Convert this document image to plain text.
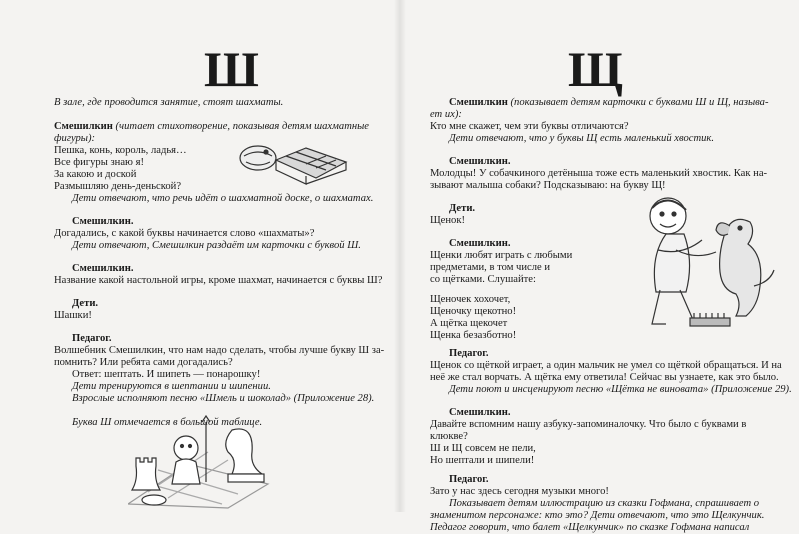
Ш
В зале, где проводится занятие, стоят шахматы.
Смешилкин (читает стихотворение, показывая детям шахматные
фигуры):
Пешка, конь, король, ладья…
Все фигуры знаю я!
За какою и доской
Размышляю день-деньской?
Дети отвечают, что речь идёт о шахматной доске, о шахматах.
Смешилкин.
Догадались, с какой буквы начинается слово «шахматы»?
Дети отвечают, Смешилкин раздаёт им карточки с буквой Ш.
Смешилкин.
Название какой настольной игры, кроме шахмат, начинается с буквы Ш?
Дети.
Шашки!
Педагог.
Волшебник Смешилкин, что нам надо сделать, чтобы лучше букву Ш за-
помнить? Или ребята сами догадались?
Ответ: шептать. И шипеть — понарошку!
Дети тренируются в шептании и шипении.
Взрослые исполняют песню «Шмель и шоколад» (Приложение 28).
Буква Ш отмечается в большой таблице.
Щ
Смешилкин (показывает детям карточки с буквами Ш и Щ, называ-
ет их):
Кто мне скажет, чем эти буквы отличаются?
Дети отвечают, что у буквы Щ есть маленький хвостик.
Смешилкин.
Молодцы! У собачкиного детёныша тоже есть маленький хвостик. Как на-
зывают малыша собаки? Подсказываю: на букву Щ!
Дети.
Щенок!
Смешилкин.
Щенки любят играть с любыми
предметами, в том числе и
со щётками. Слушайте:
Щеночек хохочет,
Щеночку щекотно!
А щётка щекочет
Щенка безазботно!
Педагог.
Щенок со щёткой играет, а один мальчик не умел со щёткой обращаться. И на
неё же стал ворчать. А щётка ему ответила! Сейчас вы узнаете, как это было.
Дети поют и инсценируют песню «Щётка не виновата» (Приложение 29).
Смешилкин.
Давайте вспомним нашу азбуку-запоминалочку. Что было с буквами в
клюкве?
Ш и Щ совсем не пели,
Но шептали и шипели!
Педагог.
Зато у нас здесь сегодня музыки много!
Показывает детям иллюстрацию из сказки Гофмана, спрашивает о
знаменитом персонаже: кто это? Дети отвечают, что это Щелкунчик.
Педагог говорит, что балет «Щелкунчик» по сказке Гофмана написал
